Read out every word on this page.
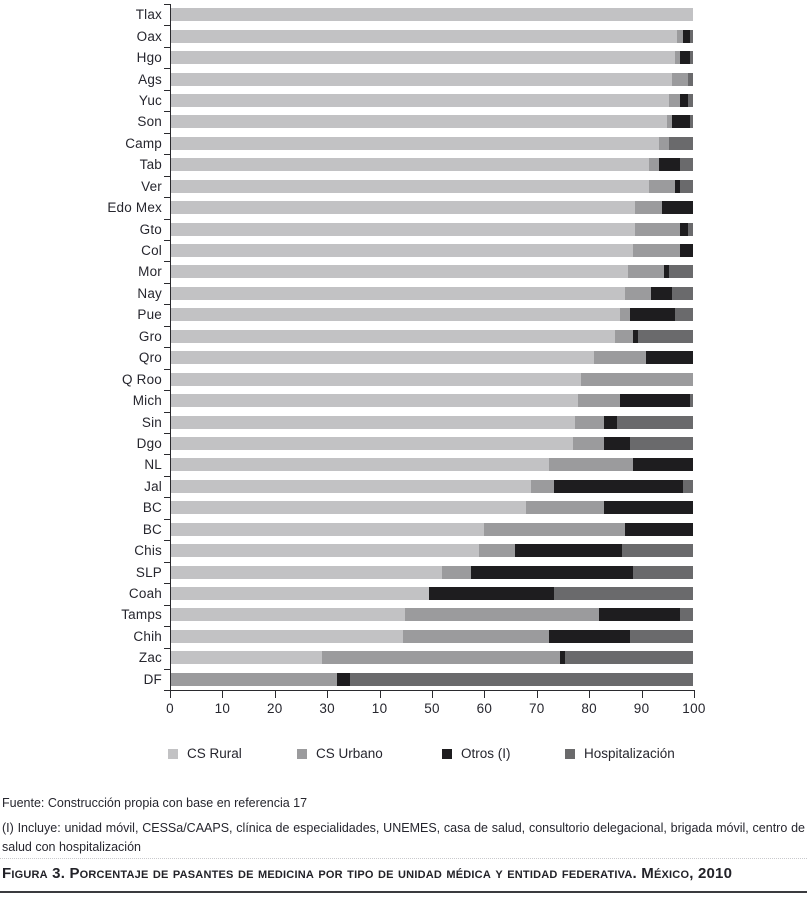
Tlax
Oax
Hgo
Ags
Yuc
Son
Camp
Tab
Ver
Edo Mex
Gto
Col
Mor
Nay
Pue
Gro
Qro
Q Roo
Mich
Sin
Dgo
NL
Jal
BC
BC
Chis
SLP
Coah
Tamps
Chih
Zac
DF
0	10	20	30	10	50	60	70	80	90 100
CS Rural	CS Urbano	Otros (I)	Hospitalización

Fuente: Construcción propia con base en referencia 17

(I) Incluye: unidad móvil, CESSa/CAAPS, clínica de especialidades, UNEMES, casa de salud, consultorio delegacional, brigada móvil, centro de salud con hospitalización

Figura 3. Porcentaje de pasantes de medicina por tipo de unidad médica y entidad federativa. México, 2010
